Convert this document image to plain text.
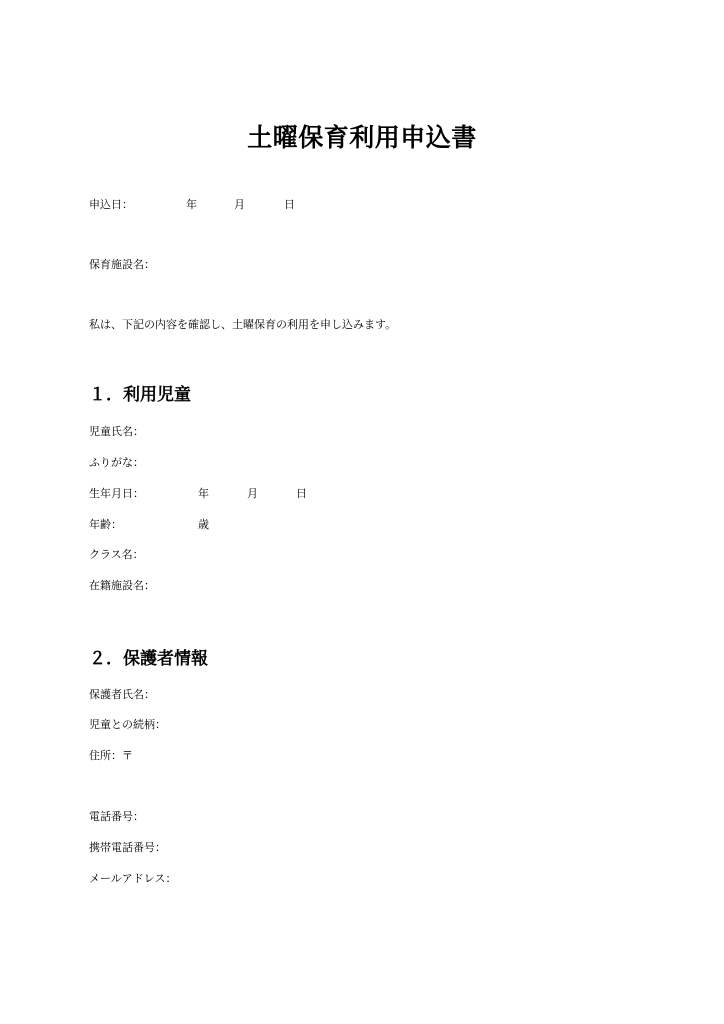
土曜保育利用申込書
申込日：	年	月	日
保育施設名：
私は、下記の内容を確認し、土曜保育の利用を申し込みます。
１．利用児童
児童氏名：
ふりがな：
生年月日：	年	月	日
年齢：	歳
クラス名：
在籍施設名：
２．保護者情報
保護者氏名：
児童との続柄：
住所：〒
電話番号：
携帯電話番号：
メールアドレス：
